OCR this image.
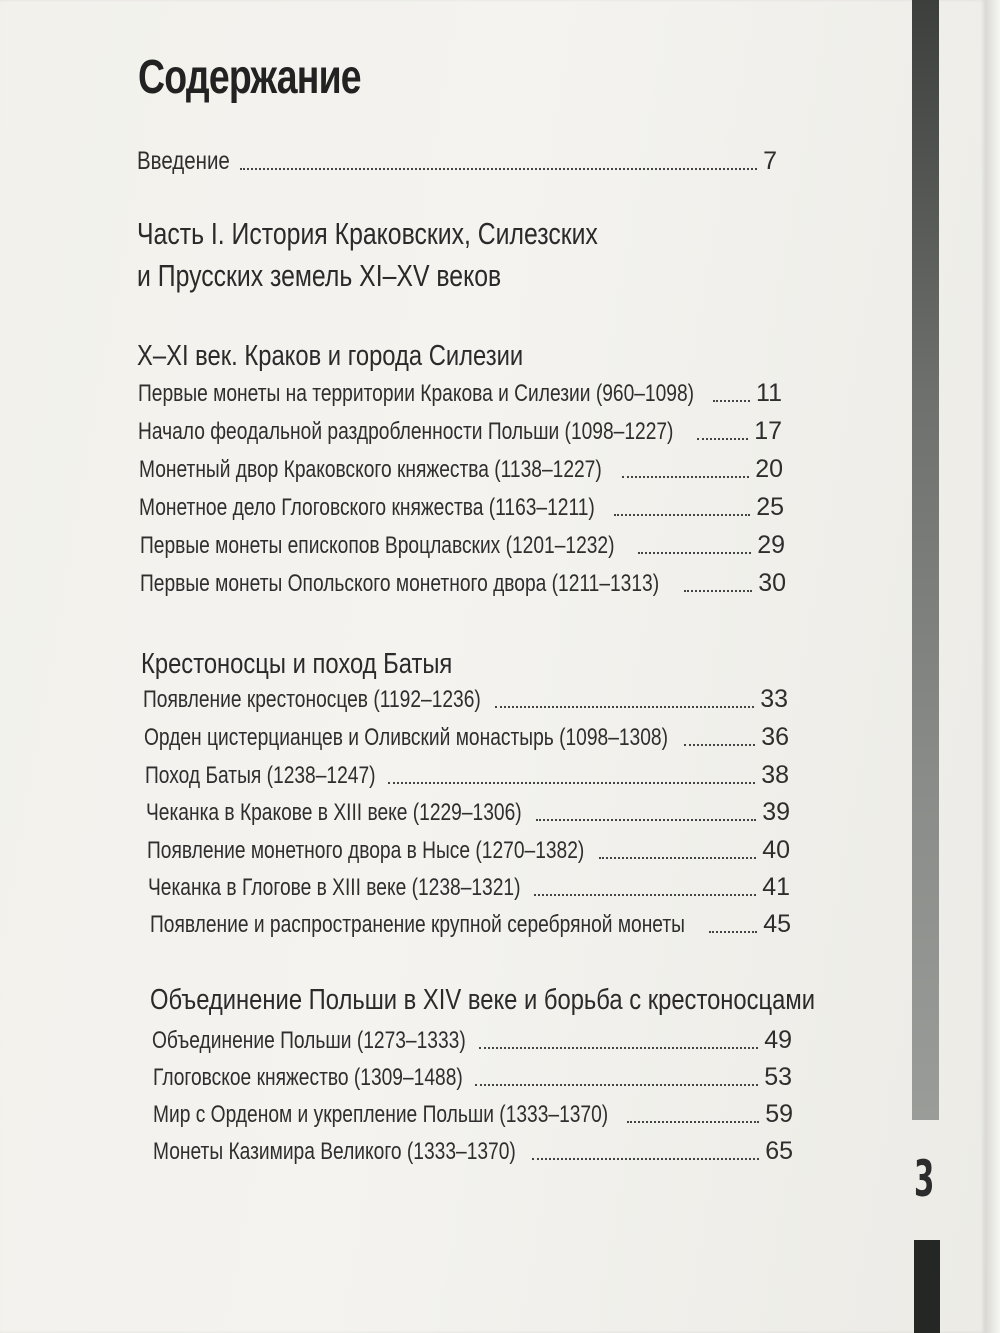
3
Содержание
Введение	7
Часть I. История Краковских, Силезских
и Прусских земель XI–XV веков
X–XI век. Краков и города Силезии
Первые монеты на территории Кракова и Силезии (960–1098) 11
Начало феодальной раздробленности Польши (1098–1227)	17
Монетный двор Краковского княжества (1138–1227)	20
Монетное дело Глоговского княжества (1163–1211)	25
Первые монеты епископов Вроцлавских (1201–1232)	29
Первые монеты Опольского монетного двора (1211–1313)	30
Крестоносцы и поход Батыя
Появление крестоносцев (1192–1236)	33
Орден цистерцианцев и Оливский монастырь (1098–1308)	36
Поход Батыя (1238–1247)	38
Чеканка в Кракове в XIII веке (1229–1306)	39
Появление монетного двора в Нысе (1270–1382)	40
Чеканка в Глогове в XIII веке (1238–1321)	41
Появление и распространение крупной серебряной монеты	45
Объединение Польши в XIV веке и борьба с крестоносцами
Объединение Польши (1273–1333)	49
Глоговское княжество (1309–1488)	53
Мир с Орденом и укрепление Польши (1333–1370)	59
Монеты Казимира Великого (1333–1370)	65
